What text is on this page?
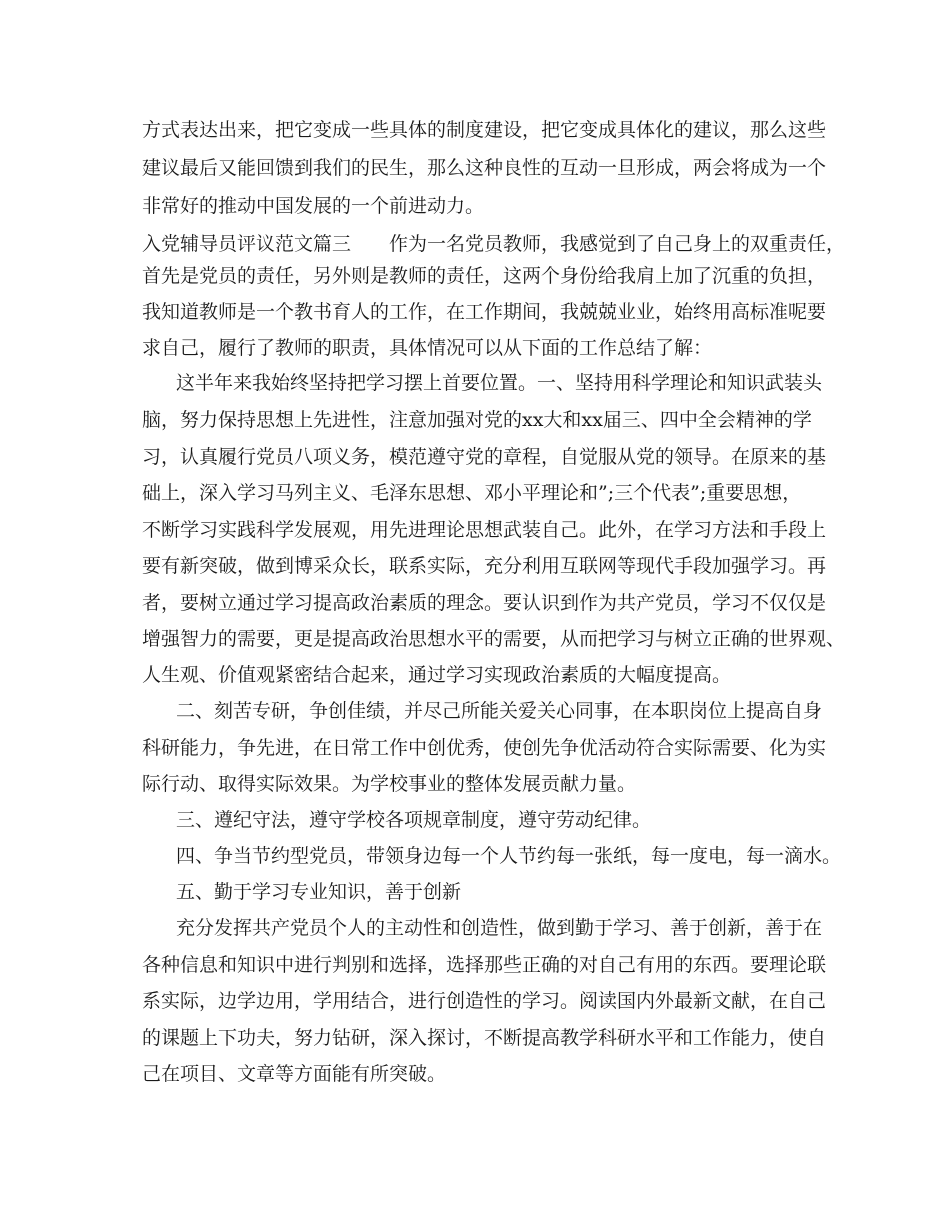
方式表达出来，把它变成一些具体的制度建设，把它变成具体化的建议，那么这些
建议最后又能回馈到我们的民生，那么这种良性的互动一旦形成，两会将成为一个
非常好的推动中国发展的一个前进动力。
入党辅导员评议范文篇三　　作为一名党员教师，我感觉到了自己身上的双重责任，
首先是党员的责任，另外则是教师的责任，这两个身份给我肩上加了沉重的负担，
我知道教师是一个教书育人的工作，在工作期间，我兢兢业业，始终用高标准呢要
求自己，履行了教师的职责，具体情况可以从下面的工作总结了解：
这半年来我始终坚持把学习摆上首要位置。一、坚持用科学理论和知识武装头
脑，努力保持思想上先进性，注意加强对党的xx大和xx届三、四中全会精神的学
习，认真履行党员八项义务，模范遵守党的章程，自觉服从党的领导。在原来的基
础上，深入学习马列主义、毛泽东思想、邓小平理论和”;三个代表”;重要思想，
不断学习实践科学发展观，用先进理论思想武装自己。此外，在学习方法和手段上
要有新突破，做到博采众长，联系实际，充分利用互联网等现代手段加强学习。再
者，要树立通过学习提高政治素质的理念。要认识到作为共产党员，学习不仅仅是
增强智力的需要，更是提高政治思想水平的需要，从而把学习与树立正确的世界观、
人生观、价值观紧密结合起来，通过学习实现政治素质的大幅度提高。
二、刻苦专研，争创佳绩，并尽己所能关爱关心同事，在本职岗位上提高自身
科研能力，争先进，在日常工作中创优秀，使创先争优活动符合实际需要、化为实
际行动、取得实际效果。为学校事业的整体发展贡献力量。
三、遵纪守法，遵守学校各项规章制度，遵守劳动纪律。
四、争当节约型党员，带领身边每一个人节约每一张纸，每一度电，每一滴水。
五、勤于学习专业知识，善于创新
充分发挥共产党员个人的主动性和创造性，做到勤于学习、善于创新，善于在
各种信息和知识中进行判别和选择，选择那些正确的对自己有用的东西。要理论联
系实际，边学边用，学用结合，进行创造性的学习。阅读国内外最新文献，在自己
的课题上下功夫，努力钻研，深入探讨，不断提高教学科研水平和工作能力，使自
己在项目、文章等方面能有所突破。
